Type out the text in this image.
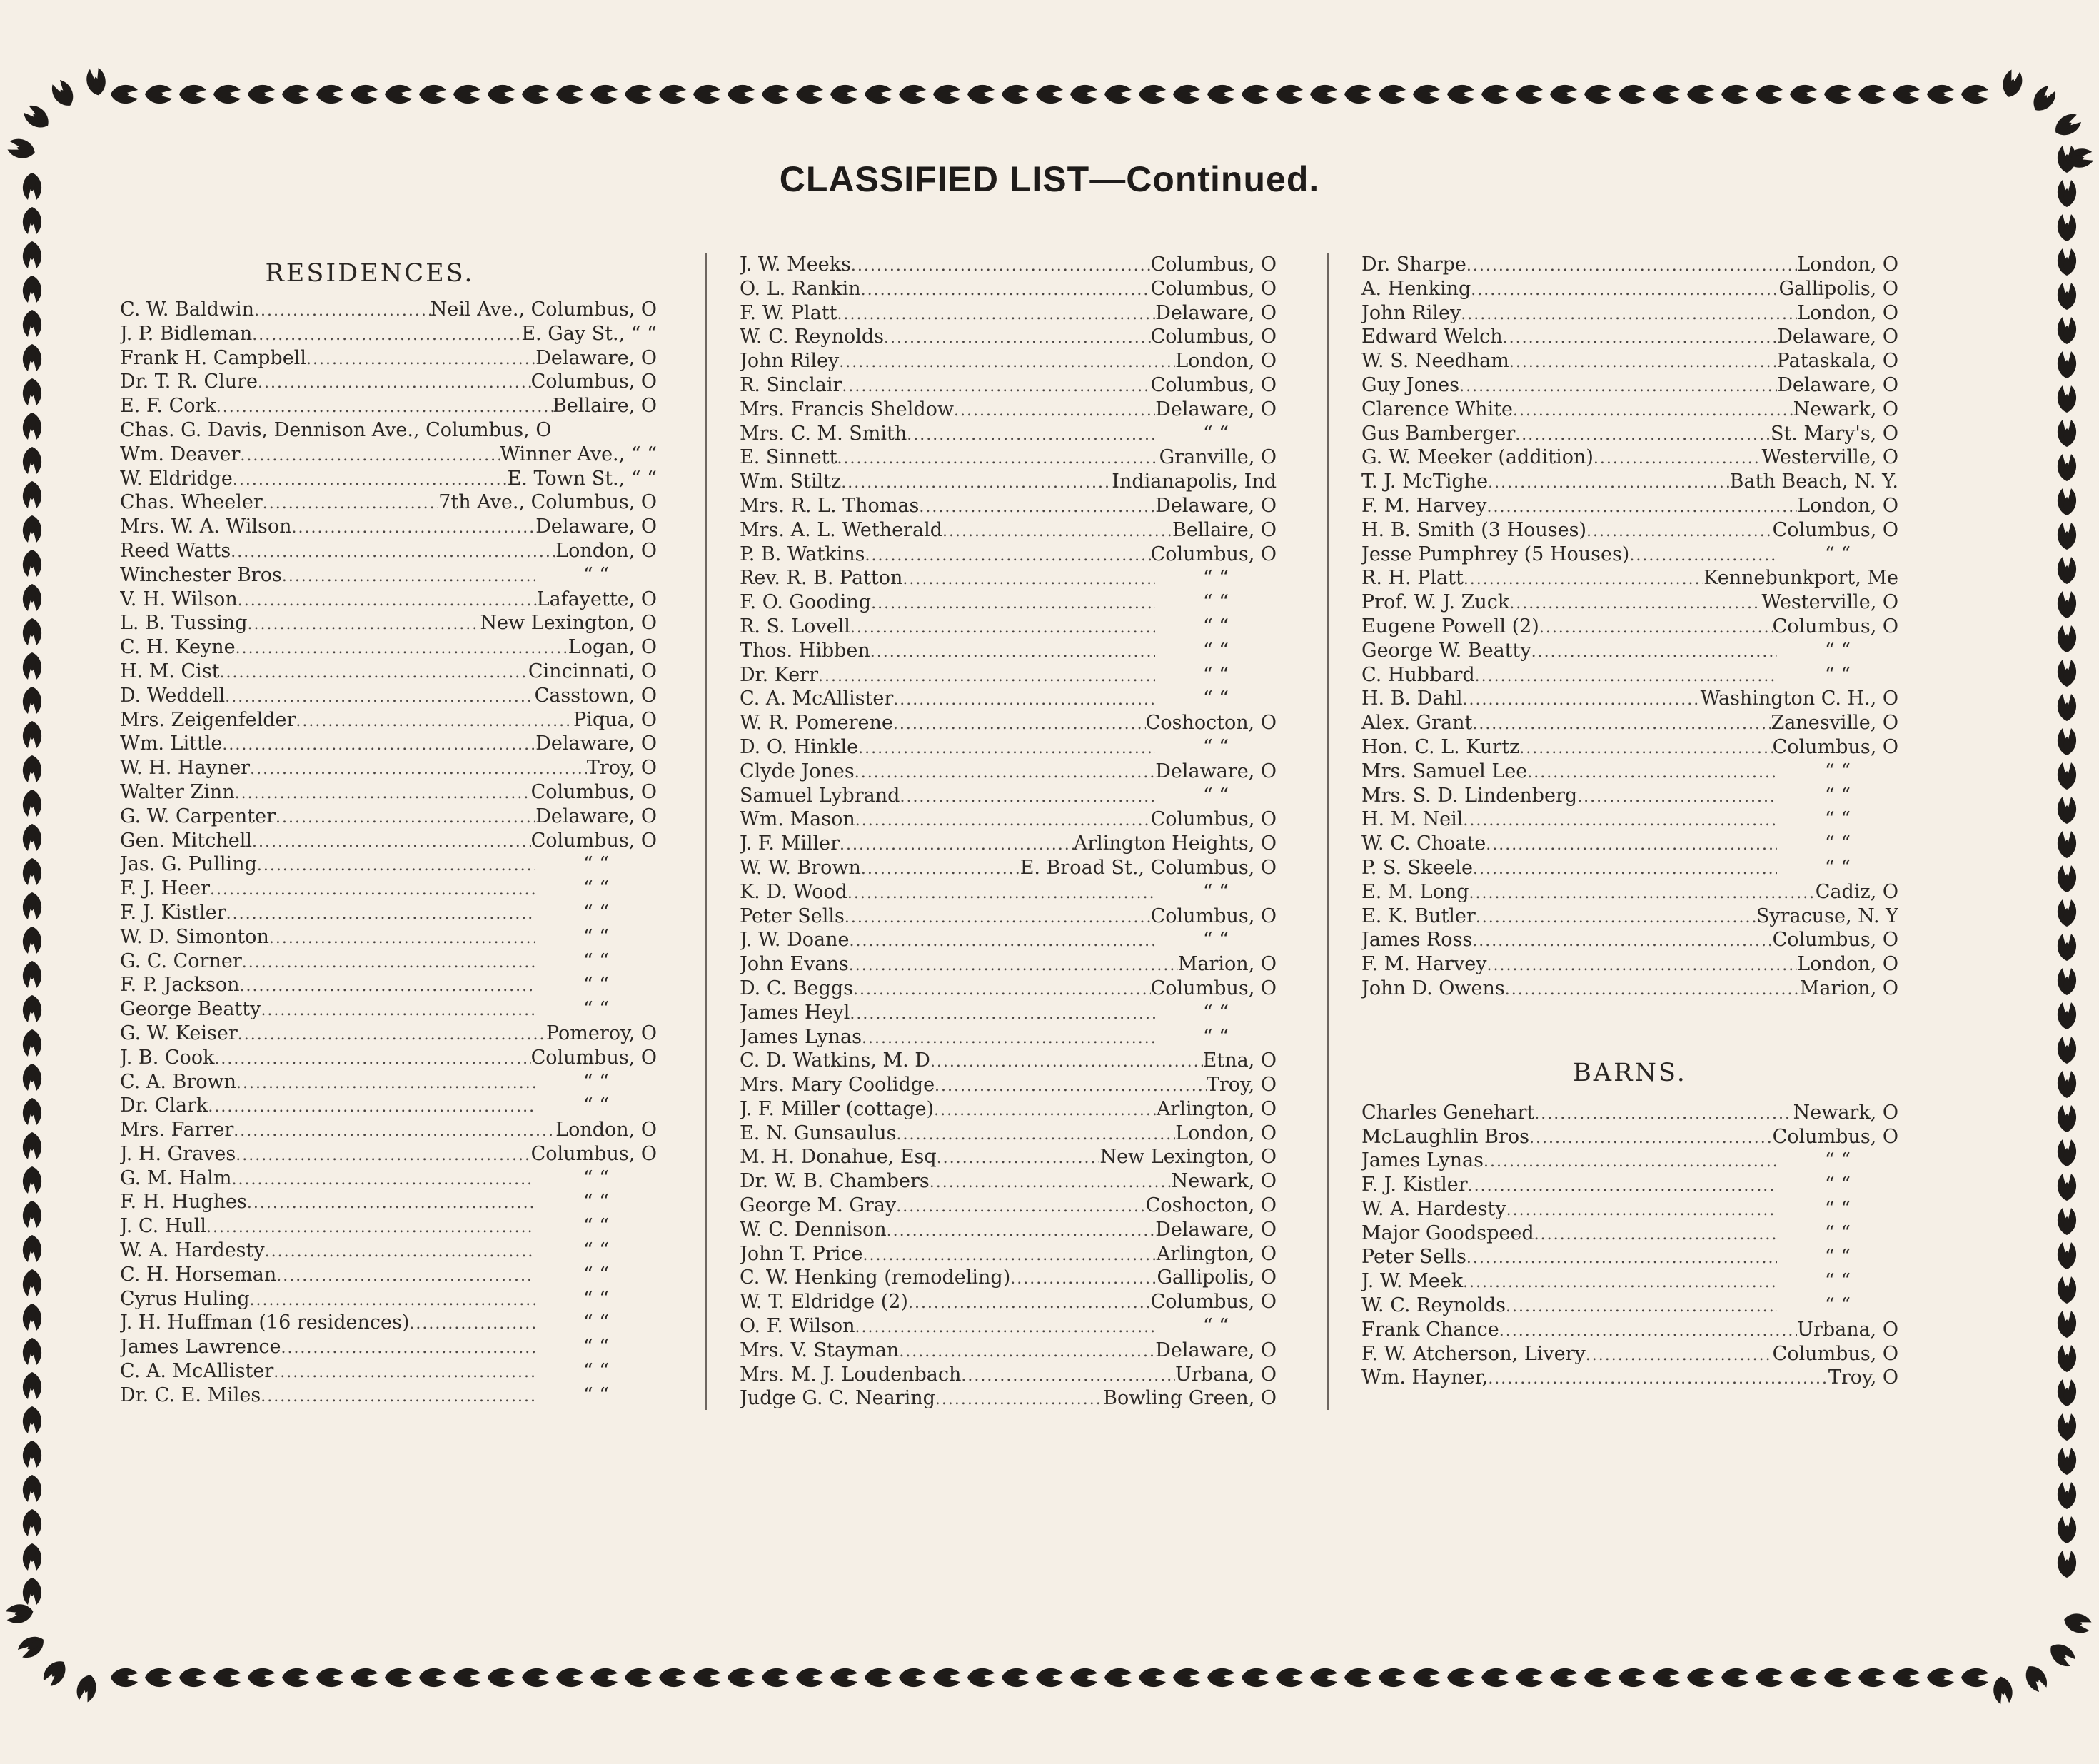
CLASSIFIED LIST—Continued.
RESIDENCES.
C. W. Baldwin .....	Neil Ave., Columbus, O
J. P. Bidleman .....	E. Gay St., “ “
Frank H. Campbell .....	Delaware, O
Dr. T. R. Clure .....	Columbus, O
E. F. Cork .....	Bellaire, O
Chas. G. Davis, Dennison Ave., Columbus, O
Wm. Deaver .....	Winner Ave., “ “
W. Eldridge .....	E. Town St., “ “
Chas. Wheeler .....	7th Ave., Columbus, O
Mrs. W. A. Wilson .....	Delaware, O
Reed Watts .....	London, O
Winchester Bros .....	“ “
V. H. Wilson .....	Lafayette, O
L. B. Tussing .....	New Lexington, O
C. H. Keyne .....	Logan, O
H. M. Cist .....	Cincinnati, O
D. Weddell .....	Casstown, O
Mrs. Zeigenfelder .....	Piqua, O
Wm. Little .....	Delaware, O
W. H. Hayner .....	Troy, O
Walter Zinn .....	Columbus, O
G. W. Carpenter .....	Delaware, O
Gen. Mitchell .....	Columbus, O
Jas. G. Pulling .....	“ “
F. J. Heer .....	“ “
F. J. Kistler .....	“ “
W. D. Simonton .....	“ “
G. C. Corner .....	“ “
F. P. Jackson .....	“ “
George Beatty .....	“ “
G. W. Keiser .....	Pomeroy, O
J. B. Cook .....	Columbus, O
C. A. Brown .....	“ “
Dr. Clark .....	“ “
Mrs. Farrer .....	London, O
J. H. Graves .....	Columbus, O
G. M. Halm .....	“ “
F. H. Hughes .....	“ “
J. C. Hull .....	“ “
W. A. Hardesty .....	“ “
C. H. Horseman .....	“ “
Cyrus Huling .....	“ “
J. H. Huffman (16 residences) .....	“ “
James Lawrence .....	“ “
C. A. McAllister .....	“ “
Dr. C. E. Miles .....	“ “
J. W. Meeks .....	Columbus, O
O. L. Rankin .....	Columbus, O
F. W. Platt .....	Delaware, O
W. C. Reynolds .....	Columbus, O
John Riley .....	London, O
R. Sinclair .....	Columbus, O
Mrs. Francis Sheldow .....	Delaware, O
Mrs. C. M. Smith .....	“ “
E. Sinnett .....	Granville, O
Wm. Stiltz .....	Indianapolis, Ind
Mrs. R. L. Thomas .....	Delaware, O
Mrs. A. L. Wetherald .....	Bellaire, O
P. B. Watkins .....	Columbus, O
Rev. R. B. Patton .....	“ “
F. O. Gooding .....	“ “
R. S. Lovell .....	“ “
Thos. Hibben .....	“ “
Dr. Kerr .....	“ “
C. A. McAllister .....	“ “
W. R. Pomerene .....	Coshocton, O
D. O. Hinkle .....	“ “
Clyde Jones .....	Delaware, O
Samuel Lybrand .....	“ “
Wm. Mason .....	Columbus, O
J. F. Miller .....	Arlington Heights, O
W. W. Brown .....	E. Broad St., Columbus, O
K. D. Wood .....	“ “
Peter Sells .....	Columbus, O
J. W. Doane .....	“ “
John Evans .....	Marion, O
D. C. Beggs .....	Columbus, O
James Heyl .....	“ “
James Lynas .....	“ “
C. D. Watkins, M. D .....	Etna, O
Mrs. Mary Coolidge .....	Troy, O
J. F. Miller (cottage) .....	Arlington, O
E. N. Gunsaulus .....	London, O
M. H. Donahue, Esq .....	New Lexington, O
Dr. W. B. Chambers .....	Newark, O
George M. Gray .....	Coshocton, O
W. C. Dennison .....	Delaware, O
John T. Price .....	Arlington, O
C. W. Henking (remodeling) .....	Gallipolis, O
W. T. Eldridge (2) .....	Columbus, O
O. F. Wilson .....	“ “
Mrs. V. Stayman .....	Delaware, O
Mrs. M. J. Loudenbach .....	Urbana, O
Judge G. C. Nearing .....	Bowling Green, O
Dr. Sharpe .....	London, O
A. Henking .....	Gallipolis, O
John Riley .....	London, O
Edward Welch .....	Delaware, O
W. S. Needham .....	Pataskala, O
Guy Jones .....	Delaware, O
Clarence White .....	Newark, O
Gus Bamberger .....	St. Mary's, O
G. W. Meeker (addition) .....	Westerville, O
T. J. McTighe .....	Bath Beach, N. Y.
F. M. Harvey .....	London, O
H. B. Smith (3 Houses) .....	Columbus, O
Jesse Pumphrey (5 Houses) .....	“ “
R. H. Platt .....	Kennebunkport, Me
Prof. W. J. Zuck .....	Westerville, O
Eugene Powell (2) .....	Columbus, O
George W. Beatty .....	“ “
C. Hubbard .....	“ “
H. B. Dahl .....	Washington C. H., O
Alex. Grant .....	Zanesville, O
Hon. C. L. Kurtz .....	Columbus, O
Mrs. Samuel Lee .....	“ “
Mrs. S. D. Lindenberg .....	“ “
H. M. Neil .....	“ “
W. C. Choate .....	“ “
P. S. Skeele .....	“ “
E. M. Long .....	Cadiz, O
E. K. Butler .....	Syracuse, N. Y
James Ross .....	Columbus, O
F. M. Harvey .....	London, O
John D. Owens .....	Marion, O
BARNS.
Charles Genehart .....	Newark, O
McLaughlin Bros .....	Columbus, O
James Lynas .....	“ “
F. J. Kistler .....	“ “
W. A. Hardesty .....	“ “
Major Goodspeed .....	“ “
Peter Sells .....	“ “
J. W. Meek .....	“ “
W. C. Reynolds .....	“ “
Frank Chance .....	Urbana, O
F. W. Atcherson, Livery .....	Columbus, O
Wm. Hayner, .....	Troy, O
